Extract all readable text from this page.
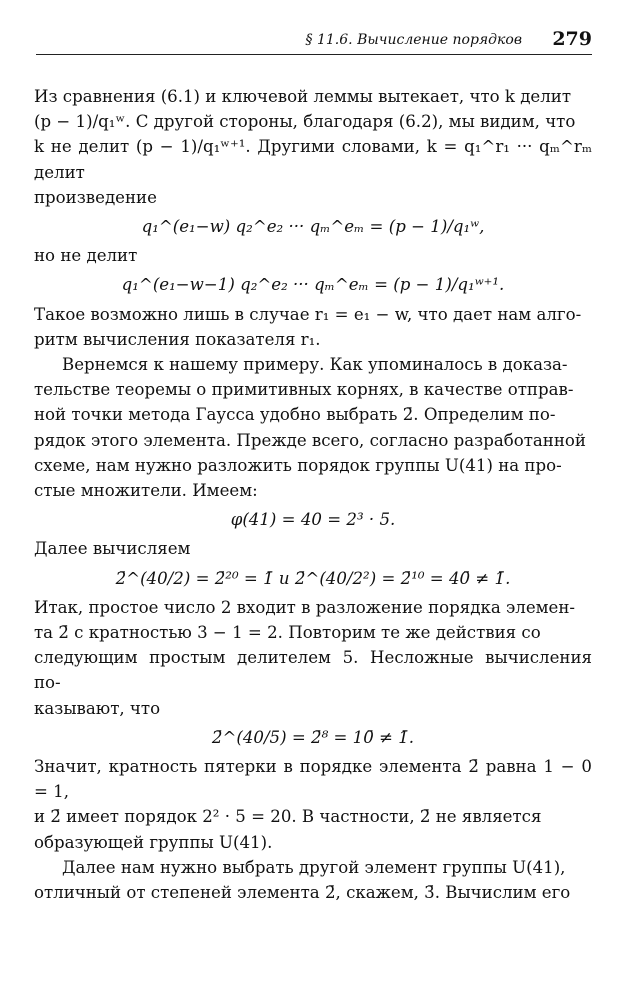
§ 11.6. Вычисление порядков 279

Из сравнения (6.1) и ключевой леммы вытекает, что k делит

(p − 1)/q₁ʷ. С другой стороны, благодаря (6.2), мы видим, что

k не делит (p − 1)/q₁ʷ⁺¹. Другими словами, k = q₁^r₁ ··· qₘ^rₘ делит

произведение

q₁^(e₁−w) q₂^e₂ ··· qₘ^eₘ = (p − 1)/q₁ʷ,

но не делит

q₁^(e₁−w−1) q₂^e₂ ··· qₘ^eₘ = (p − 1)/q₁ʷ⁺¹.

Такое возможно лишь в случае r₁ = e₁ − w, что дает нам алго-

ритм вычисления показателя r₁.

Вернемся к нашему примеру. Как упоминалось в доказа-

тельстве теоремы о примитивных корнях, в качестве отправ-

ной точки метода Гаусса удобно выбрать 2̄. Определим по-

рядок этого элемента. Прежде всего, согласно разработанной

схеме, нам нужно разложить порядок группы U(41) на про-

стые множители. Имеем:

φ(41) = 40 = 2³ · 5.

Далее вычисляем

2̄^(40/2) = 2̄²⁰ = 1̄ и 2̄^(40/2²) = 2̄¹⁰ = 40̄ ≠ 1̄.

Итак, простое число 2 входит в разложение порядка элемен-

та 2̄ с кратностью 3 − 1 = 2. Повторим те же действия со

следующим простым делителем 5. Несложные вычисления по-

казывают, что

2̄^(40/5) = 2̄⁸ = 10̄ ≠ 1̄.

Значит, кратность пятерки в порядке элемента 2̄ равна 1 − 0 = 1,

и 2̄ имеет порядок 2² · 5 = 20. В частности, 2̄ не является

образующей группы U(41).

Далее нам нужно выбрать другой элемент группы U(41),

отличный от степеней элемента 2̄, скажем, 3̄. Вычислим его
